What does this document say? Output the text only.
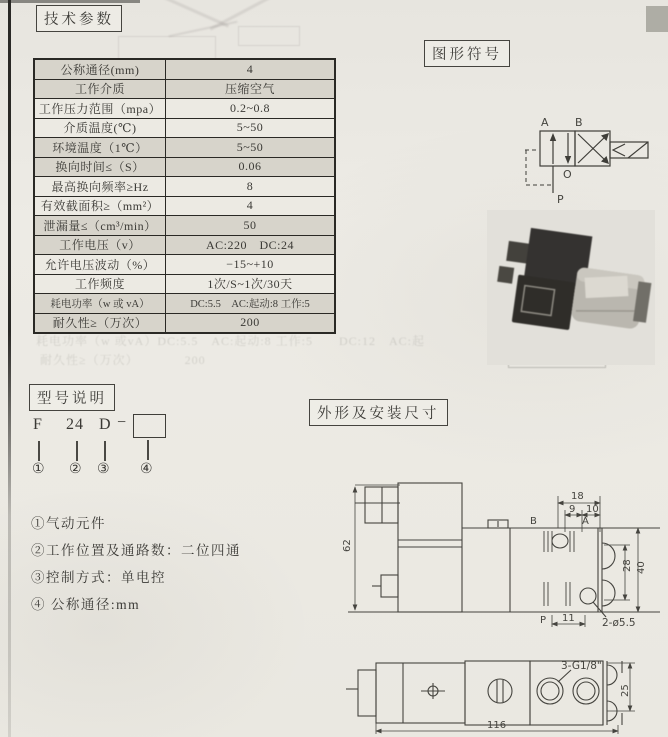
技术参数
公称通径(mm)	4
工作介质	压缩空气
工作压力范围（mpa）	0.2~0.8
介质温度(℃)	5~50
环境温度（1℃）	5~50
换向时间≤（S）	0.06
最高换向频率≥Hz	8
有效截面积≥（mm²）	4
泄漏量≤（cm³/min）	50
工作电压（v）	AC:220　DC:24
允许电压波动（%）	−15~+10
工作频度	1次/S~1次/30天
耗电功率（w 或 vA）	DC:5.5　AC:起动:8 工作:5
耐久性≥（万次）	200
耗电功率（w 或vA）DC:5.5　AC:起动:8 工作:5　　DC:12　AC:起
耐久性≥（万次）　　　　200
图形符号
A B
O
P
型号说明
F 24 D −
① ② ③ ④
①气动元件
②工作位置及通路数：二位四通
③控制方式：单电控
④ 公称通径:mm
外形及安装尺寸
62
18
9 10
B	A
P 11	2-ø5.5
28 40
3-G1/8"
25
116
